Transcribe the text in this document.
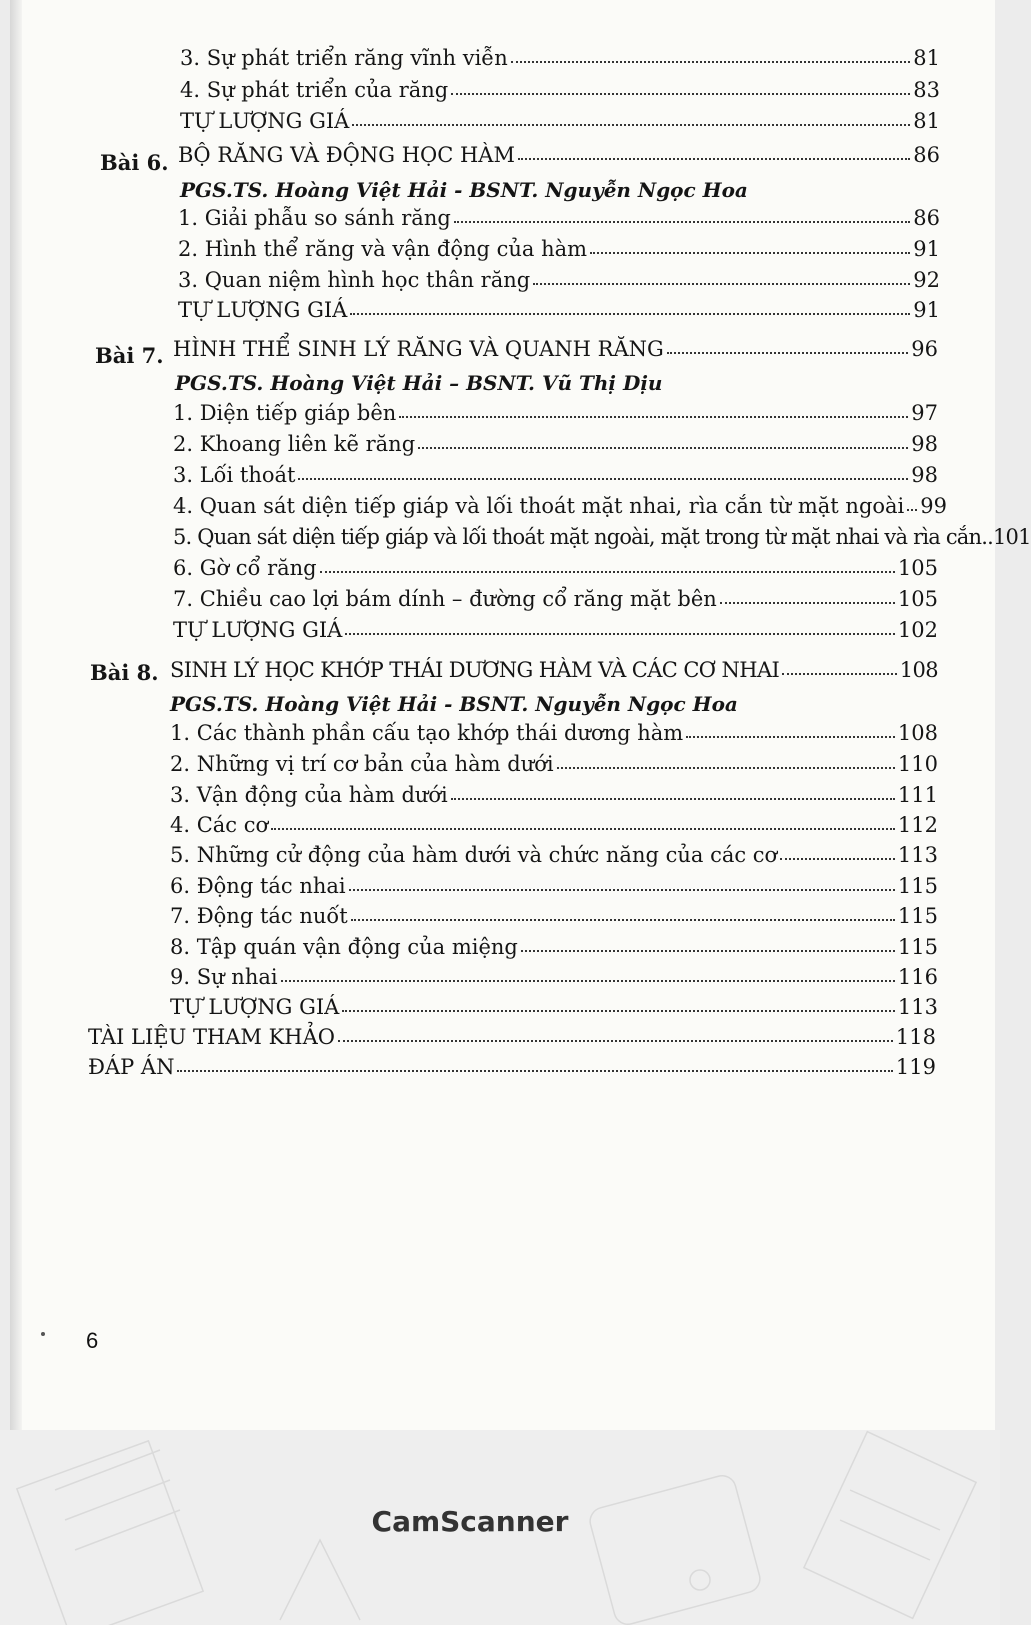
3. Sự phát triển răng vĩnh viễn	81
4. Sự phát triển của răng	83
TỰ LƯỢNG GIÁ	81
Bài 6. BỘ RĂNG VÀ ĐỘNG HỌC HÀM	86
PGS.TS. Hoàng Việt Hải - BSNT. Nguyễn Ngọc Hoa
1. Giải phẫu so sánh răng	86
2. Hình thể răng và vận động của hàm	91
3. Quan niệm hình học thân răng	92
TỰ LƯỢNG GIÁ	91
Bài 7. HÌNH THỂ SINH LÝ RĂNG VÀ QUANH RĂNG	96
PGS.TS. Hoàng Việt Hải – BSNT. Vũ Thị Dịu
1. Diện tiếp giáp bên	97
2. Khoang liên kẽ răng	98
3. Lối thoát	98
4. Quan sát diện tiếp giáp và lối thoát mặt nhai, rìa cắn từ mặt ngoài 99
5. Quan sát diện tiếp giáp và lối thoát mặt ngoài, mặt trong từ mặt nhai và rìa cắn.. 101
6. Gờ cổ răng	105
7. Chiều cao lợi bám dính – đường cổ răng mặt bên	105
TỰ LƯỢNG GIÁ	102
Bài 8. SINH LÝ HỌC KHỚP THÁI DƯƠNG HÀM VÀ CÁC CƠ NHAI	108
PGS.TS. Hoàng Việt Hải - BSNT. Nguyễn Ngọc Hoa
1. Các thành phần cấu tạo khớp thái dương hàm	108
2. Những vị trí cơ bản của hàm dưới	110
3. Vận động của hàm dưới	111
4. Các cơ	112
5. Những cử động của hàm dưới và chức năng của các cơ	113
6. Động tác nhai	115
7. Động tác nuốt	115
8. Tập quán vận động của miệng	115
9. Sự nhai	116
TỰ LƯỢNG GIÁ	113
TÀI LIỆU THAM KHẢO	118
ĐÁP ÁN	119
6
CamScanner
